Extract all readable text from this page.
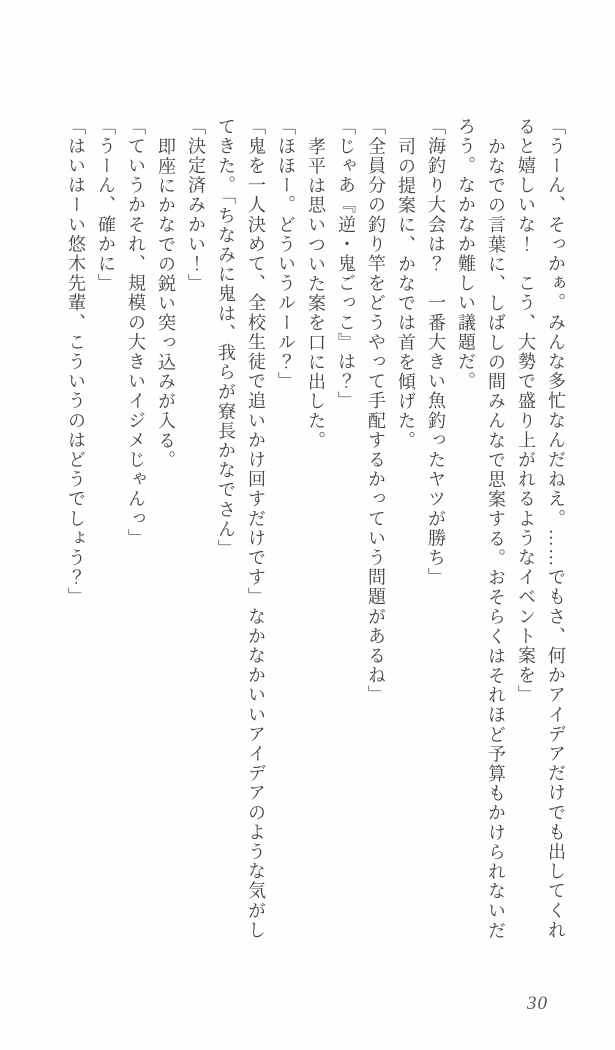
「うーん、そっかぁ。みんな多忙なんだねえ。……でもさ、何かアイデアだけでも出してくれ
ると嬉しいな！　こう、大勢で盛り上がれるようなイベント案を」
かなでの言葉に、しばしの間みんなで思案する。おそらくはそれほど予算もかけられないだ
ろう。なかなか難しい議題だ。
「海釣り大会は？　一番大きい魚釣ったヤツが勝ち」
司の提案に、かなでは首を傾げた。
「全員分の釣り竿をどうやって手配するかっていう問題があるね」
「じゃあ『逆・鬼ごっこ』は？」
孝平は思いついた案を口に出した。
「ほほー。どういうルール？」
「鬼を一人決めて、全校生徒で追いかけ回すだけです」なかなかいいアイデアのような気がし
てきた。「ちなみに鬼は、我らが寮長かなでさん」
「決定済みかい！」
即座にかなでの鋭い突っ込みが入る。
「ていうかそれ、規模の大きいイジメじゃんっ」
「うーん、確かに」
「はいはーい悠木先輩、こういうのはどうでしょう？」
30
